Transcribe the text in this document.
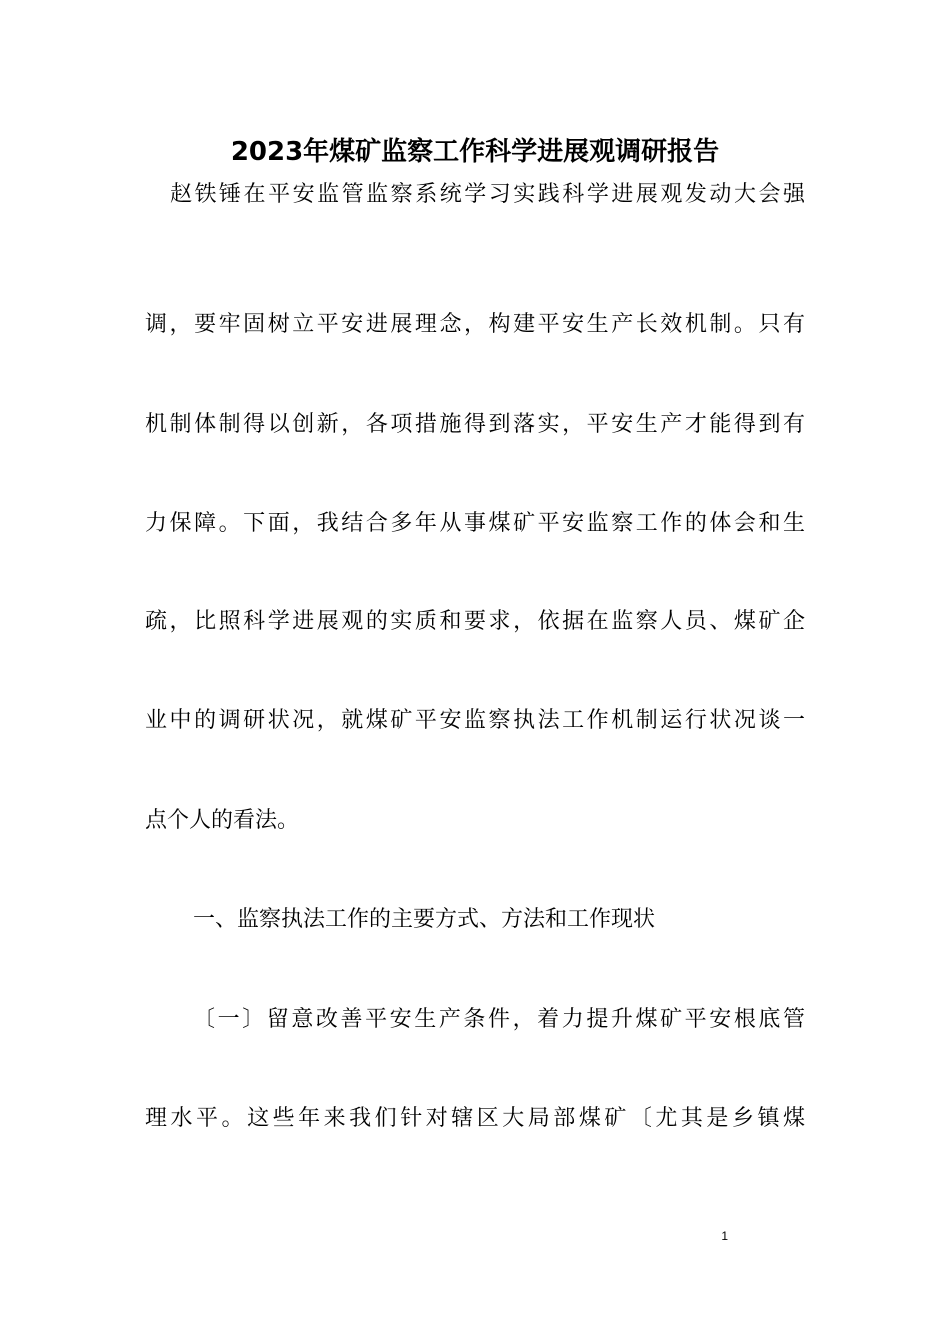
2023年煤矿监察工作科学进展观调研报告
赵铁锤在平安监管监察系统学习实践科学进展观发动大会强
调，要牢固树立平安进展理念，构建平安生产长效机制。只有
机制体制得以创新，各项措施得到落实，平安生产才能得到有
力保障。下面，我结合多年从事煤矿平安监察工作的体会和生
疏，比照科学进展观的实质和要求，依据在监察人员、煤矿企
业中的调研状况，就煤矿平安监察执法工作机制运行状况谈一
点个人的看法。
一、监察执法工作的主要方式、方法和工作现状
〔一〕留意改善平安生产条件，着力提升煤矿平安根底管
理水平。这些年来我们针对辖区大局部煤矿〔尤其是乡镇煤
1
